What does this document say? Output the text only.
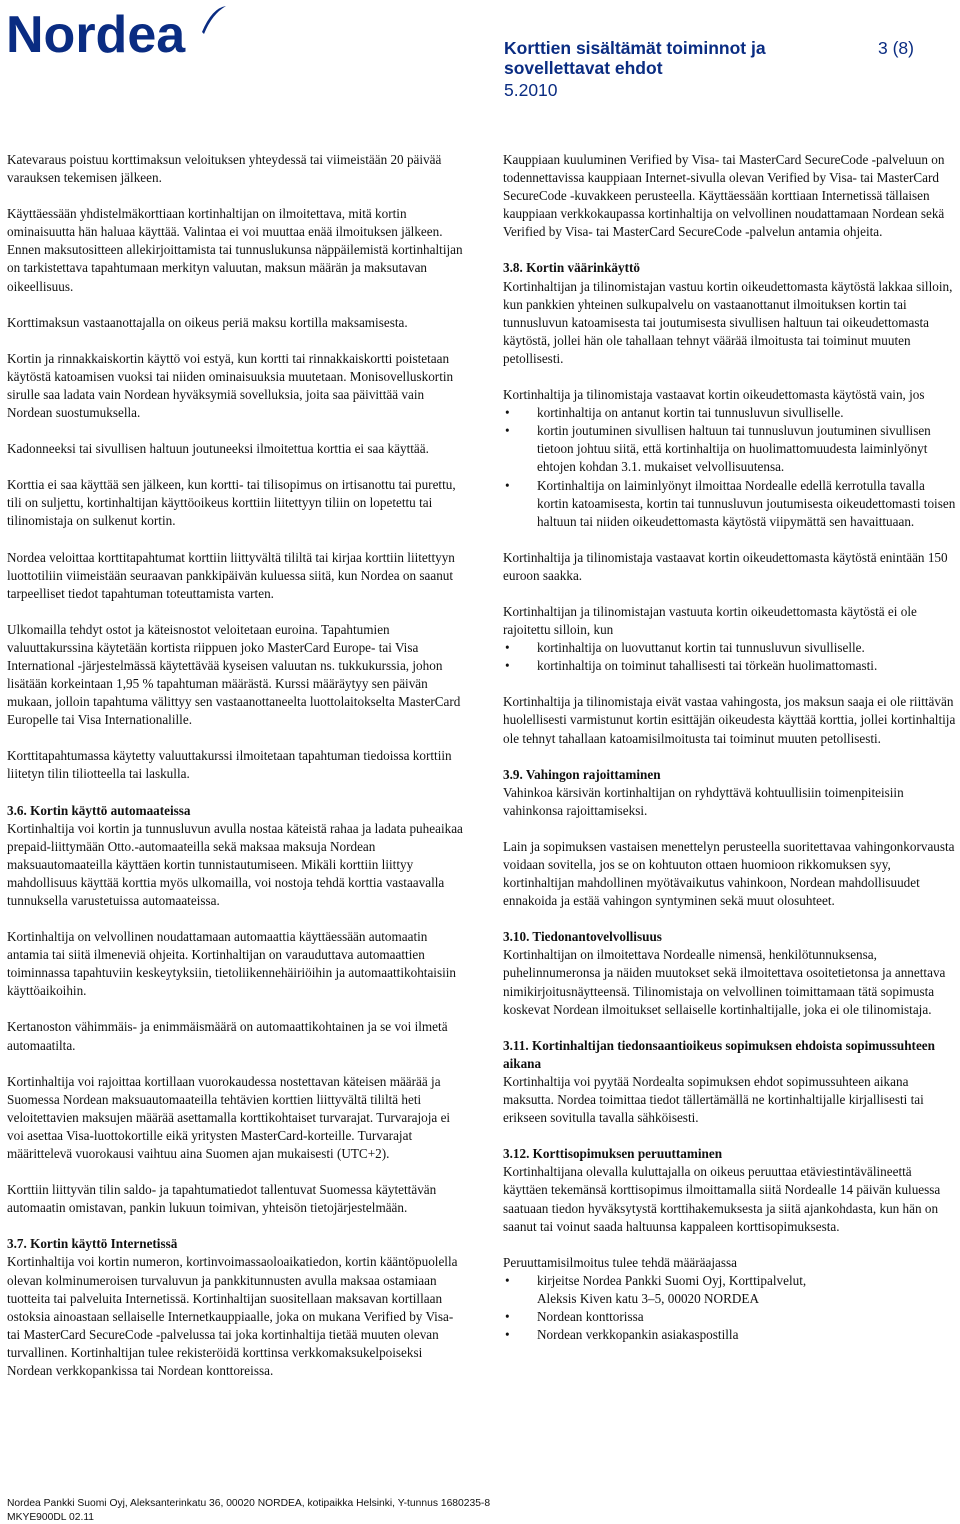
Nordea	Korttien sisältämät toiminnot ja
sovellettavat ehdot
5.2010
3 (8)

Katevaraus poistuu korttimaksun veloituksen yhteydessä tai viimeistään 20 päivää varauksen tekemisen jälkeen.

Käyttäessään yhdistelmäkorttiaan kortinhaltijan on ilmoitettava, mitä kortin ominaisuutta hän haluaa käyttää. Valintaa ei voi muuttaa enää ilmoituksen jälkeen. Ennen maksutositteen allekirjoittamista tai tunnuslukunsa näppäilemistä kortinhaltijan on tarkistettava tapahtumaan merkityn valuutan, maksun määrän ja maksutavan oikeellisuus.

Korttimaksun vastaanottajalla on oikeus periä maksu kortilla maksamisesta.

Kortin ja rinnakkaiskortin käyttö voi estyä, kun kortti tai rinnakkaiskortti poistetaan käytöstä katoamisen vuoksi tai niiden ominaisuuksia muutetaan. Monisovelluskortin sirulle saa ladata vain Nordean hyväksymiä sovelluksia, joita saa päivittää vain Nordean suostumuksella.

Kadonneeksi tai sivullisen haltuun joutuneeksi ilmoitettua korttia ei saa käyttää.

Korttia ei saa käyttää sen jälkeen, kun kortti- tai tilisopimus on irtisanottu tai purettu, tili on suljettu, kortinhaltijan käyttöoikeus korttiin liitettyyn tiliin on lopetettu tai tilinomistaja on sulkenut kortin.

Nordea veloittaa korttitapahtumat korttiin liittyvältä tililtä tai kirjaa korttiin liitettyyn luottotiliin viimeistään seuraavan pankkipäivän kuluessa siitä, kun Nordea on saanut tarpeelliset tiedot tapahtuman toteuttamista varten.

Ulkomailla tehdyt ostot ja käteisnostot veloitetaan euroina. Tapahtumien valuuttakurssina käytetään kortista riippuen joko MasterCard Europe- tai Visa International -järjestelmässä käytettävää kyseisen valuutan ns. tukkukurssia, johon lisätään korkeintaan 1,95 % tapahtuman määrästä. Kurssi määräytyy sen päivän mukaan, jolloin tapahtuma välittyy sen vastaanottaneelta luottolaitokselta MasterCard Europelle tai Visa Internationalille.

Korttitapahtumassa käytetty valuuttakurssi ilmoitetaan tapahtuman tiedoissa korttiin liitetyn tilin tiliotteella tai laskulla.

3.6. Kortin käyttö automaateissa

Kortinhaltija voi kortin ja tunnusluvun avulla nostaa käteistä rahaa ja ladata puheaikaa prepaid-liittymään Otto.-automaateilla sekä maksaa maksuja Nordean maksuautomaateilla käyttäen kortin tunnistautumiseen. Mikäli korttiin liittyy mahdollisuus käyttää korttia myös ulkomailla, voi nostoja tehdä korttia vastaavalla tunnuksella varustetuissa automaateissa.

Kortinhaltija on velvollinen noudattamaan automaattia käyttäessään automaatin antamia tai siitä ilmeneviä ohjeita. Kortinhaltijan on varauduttava automaattien toiminnassa tapahtuviin keskeytyksiin, tietoliikennehäiriöihin ja automaattikohtaisiin käyttöaikoihin.

Kertanoston vähimmäis- ja enimmäismäärä on automaattikohtainen ja se voi ilmetä automaatilta.

Kortinhaltija voi rajoittaa kortillaan vuorokaudessa nostettavan käteisen määrää ja Suomessa Nordean maksuautomaateilla tehtävien korttien liittyvältä tililtä heti veloitettavien maksujen määrää asettamalla korttikohtaiset turvarajat. Turvarajoja ei voi asettaa Visa-luottokortille eikä yritysten MasterCard-korteille. Turvarajat määrittelevä vuorokausi vaihtuu aina Suomen ajan mukaisesti (UTC+2).

Korttiin liittyvän tilin saldo- ja tapahtumatiedot tallentuvat Suomessa käytettävän automaatin omistavan, pankin lukuun toimivan, yhteisön tietojärjestelmään.

3.7. Kortin käyttö Internetissä

Kortinhaltija voi kortin numeron, kortinvoimassaoloaikatiedon, kortin kääntöpuolella olevan kolminumeroisen turvaluvun ja pankkitunnusten avulla maksaa ostamiaan tuotteita tai palveluita Internetissä. Kortinhaltijan suositellaan maksavan kortillaan ostoksia ainoastaan sellaiselle Internetkauppiaalle, joka on mukana Verified by Visa- tai MasterCard SecureCode -palvelussa tai joka kortinhaltija tietää muuten olevan turvallinen. Kortinhaltijan tulee rekisteröidä korttinsa verkkomaksukelpoiseksi Nordean verkkopankissa tai Nordean konttoreissa.

Kauppiaan kuuluminen Verified by Visa- tai MasterCard SecureCode -palveluun on todennettavissa kauppiaan Internet-sivulla olevan Verified by Visa- tai MasterCard SecureCode -kuvakkeen perusteella. Käyttäessään korttiaan Internetissä tällaisen kauppiaan verkkokaupassa kortinhaltija on velvollinen noudattamaan Nordean sekä Verified by Visa- tai MasterCard SecureCode -palvelun antamia ohjeita.

3.8. Kortin väärinkäyttö

Kortinhaltijan ja tilinomistajan vastuu kortin oikeudettomasta käytöstä lakkaa silloin, kun pankkien yhteinen sulkupalvelu on vastaanottanut ilmoituksen kortin tai tunnusluvun katoamisesta tai joutumisesta sivullisen haltuun tai oikeudettomasta käytöstä, jollei hän ole tahallaan tehnyt väärää ilmoitusta tai toiminut muuten petollisesti.

Kortinhaltija ja tilinomistaja vastaavat kortin oikeudettomasta käytöstä vain, jos

• kortinhaltija on antanut kortin tai tunnusluvun sivulliselle.
• kortin joutuminen sivullisen haltuun tai tunnusluvun joutuminen sivullisen tietoon johtuu siitä, että kortinhaltija on huolimattomuudesta laiminlyönyt ehtojen kohdan 3.1. mukaiset velvollisuutensa.
• Kortinhaltija on laiminlyönyt ilmoittaa Nordealle edellä kerrotulla tavalla kortin katoamisesta, kortin tai tunnusluvun joutumisesta oikeudettomasti toisen haltuun tai niiden oikeudettomasta käytöstä viipymättä sen havaittuaan.

Kortinhaltija ja tilinomistaja vastaavat kortin oikeudettomasta käytöstä enintään 150 euroon saakka.

Kortinhaltijan ja tilinomistajan vastuuta kortin oikeudettomasta käytöstä ei ole rajoitettu silloin, kun

• kortinhaltija on luovuttanut kortin tai tunnusluvun sivulliselle.
• kortinhaltija on toiminut tahallisesti tai törkeän huolimattomasti.

Kortinhaltija ja tilinomistaja eivät vastaa vahingosta, jos maksun saaja ei ole riittävän huolellisesti varmistunut kortin esittäjän oikeudesta käyttää korttia, jollei kortinhaltija ole tehnyt tahallaan katoamisilmoitusta tai toiminut muuten petollisesti.

3.9. Vahingon rajoittaminen

Vahinkoa kärsivän kortinhaltijan on ryhdyttävä kohtuullisiin toimenpiteisiin vahinkonsa rajoittamiseksi.

Lain ja sopimuksen vastaisen menettelyn perusteella suoritettavaa vahingonkorvausta voidaan sovitella, jos se on kohtuuton ottaen huomioon rikkomuksen syy, kortinhaltijan mahdollinen myötävaikutus vahinkoon, Nordean mahdollisuudet ennakoida ja estää vahingon syntyminen sekä muut olosuhteet.

3.10. Tiedonantovelvollisuus

Kortinhaltijan on ilmoitettava Nordealle nimensä, henkilötunnuksensa, puhelinnumeronsa ja näiden muutokset sekä ilmoitettava osoitetietonsa ja annettava nimikirjoitusnäytteensä. Tilinomistaja on velvollinen toimittamaan tätä sopimusta koskevat Nordean ilmoitukset sellaiselle kortinhaltijalle, joka ei ole tilinomistaja.

3.11. Kortinhaltijan tiedonsaantioikeus sopimuksen ehdoista sopimussuhteen aikana

Kortinhaltija voi pyytää Nordealta sopimuksen ehdot sopimussuhteen aikana maksutta. Nordea toimittaa tiedot tällertämällä ne kortinhaltijalle kirjallisesti tai erikseen sovitulla tavalla sähköisesti.

3.12. Korttisopimuksen peruuttaminen

Kortinhaltijana olevalla kuluttajalla on oikeus peruuttaa etäviestintävälineettä käyttäen tekemänsä korttisopimus ilmoittamalla siitä Nordealle 14 päivän kuluessa saatuaan tiedon hyväksytystä korttihakemuksesta ja siitä ajankohdasta, kun hän on saanut tai voinut saada haltuunsa kappaleen korttisopimuksesta.

Peruuttamisilmoitus tulee tehdä määräajassa

• kirjeitse Nordea Pankki Suomi Oyj, Korttipalvelut,
Aleksis Kiven katu 3–5, 00020 NORDEA
• Nordean konttorissa
• Nordean verkkopankin asiakaspostilla
Nordea Pankki Suomi Oyj, Aleksanterinkatu 36, 00020 NORDEA, kotipaikka Helsinki, Y-tunnus 1680235-8
MKYE900DL 02.11
